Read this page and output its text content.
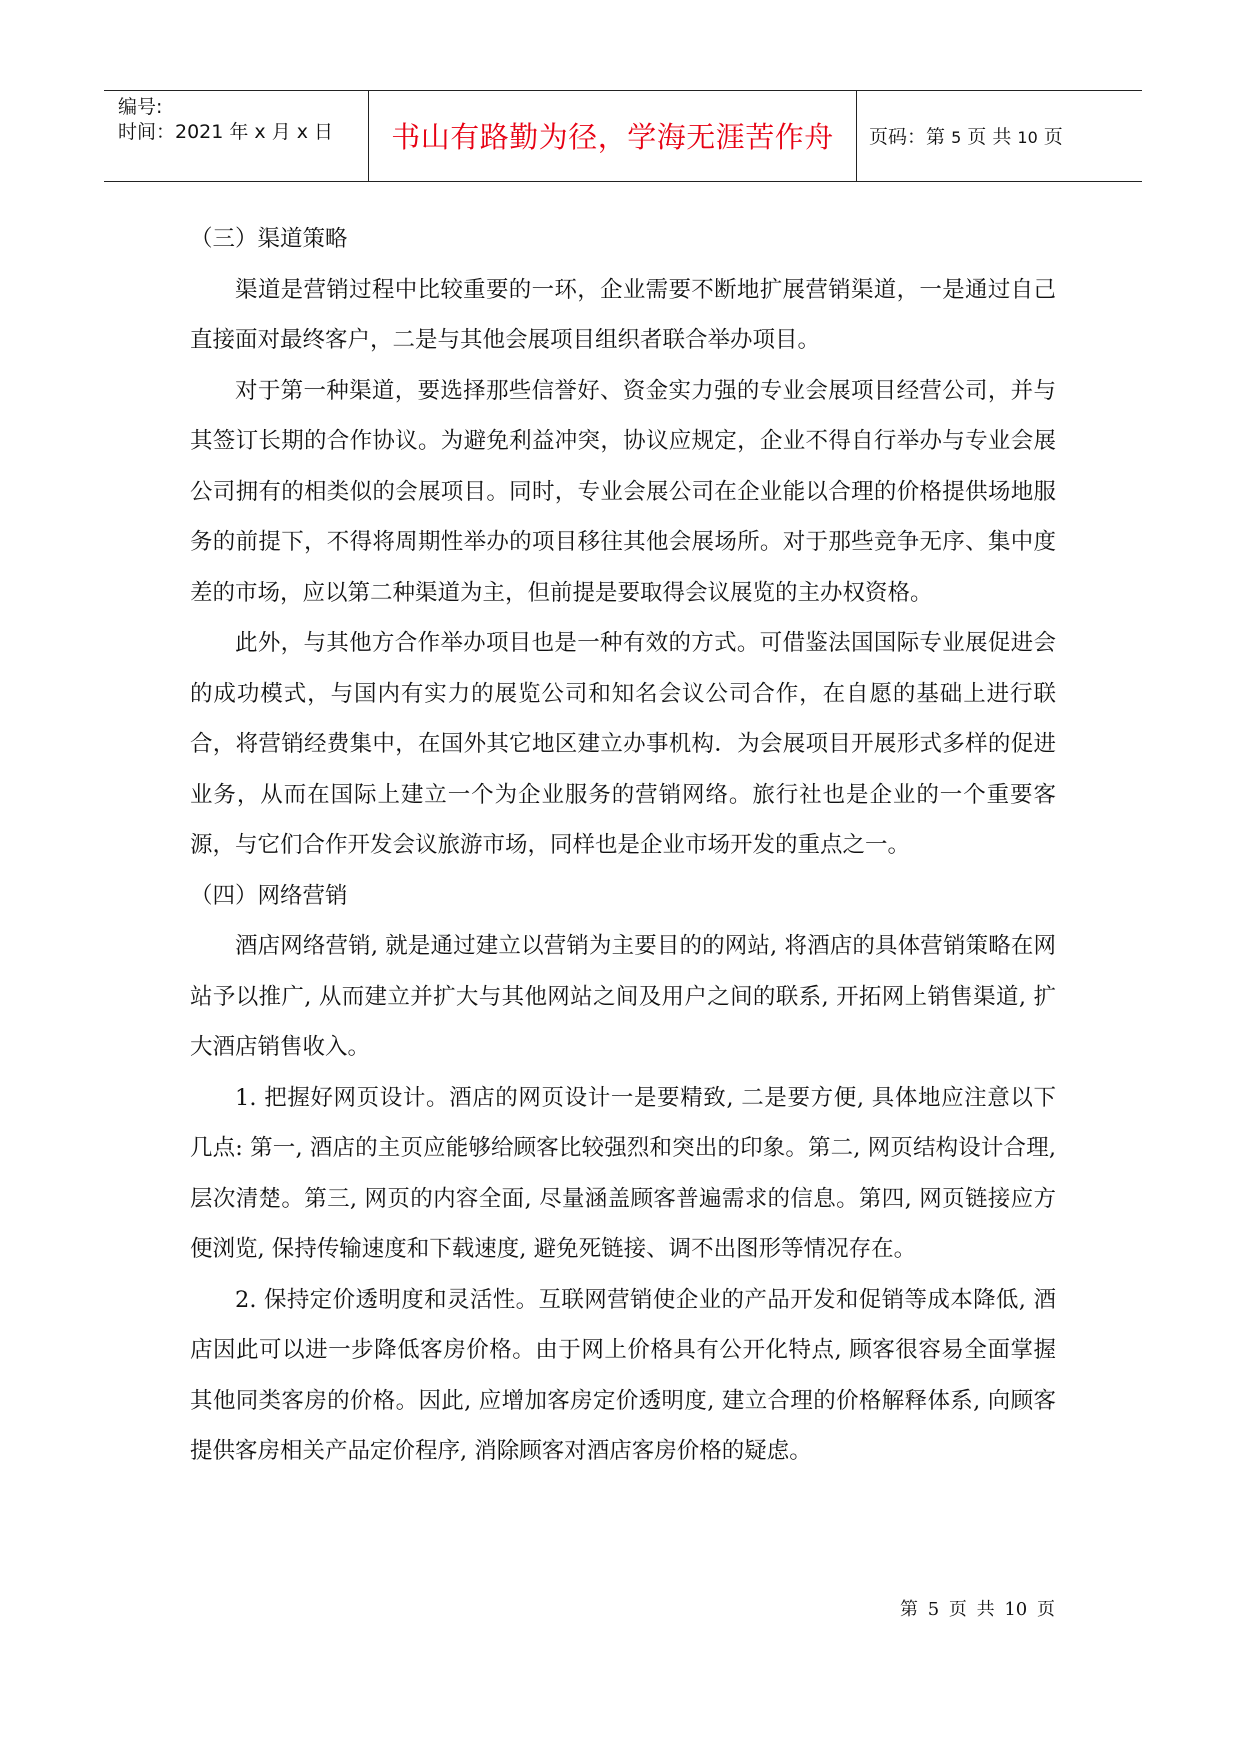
编号:
时间：2021 年 x 月 x 日	书山有路勤为径，学海无涯苦作舟	页码：第 5 页 共 10 页

（三）渠道策略

渠道是营销过程中比较重要的一环，企业需要不断地扩展营销渠道，一是通过自己直接面对最终客户，二是与其他会展项目组织者联合举办项目。

对于第一种渠道，要选择那些信誉好、资金实力强的专业会展项目经营公司，并与其签订长期的合作协议。为避免利益冲突，协议应规定，企业不得自行举办与专业会展公司拥有的相类似的会展项目。同时，专业会展公司在企业能以合理的价格提供场地服务的前提下，不得将周期性举办的项目移往其他会展场所。对于那些竞争无序、集中度差的市场，应以第二种渠道为主，但前提是要取得会议展览的主办权资格。

此外，与其他方合作举办项目也是一种有效的方式。可借鉴法国国际专业展促进会的成功模式，与国内有实力的展览公司和知名会议公司合作，在自愿的基础上进行联合，将营销经费集中，在国外其它地区建立办事机构．为会展项目开展形式多样的促进业务，从而在国际上建立一个为企业服务的营销网络。旅行社也是企业的一个重要客源，与它们合作开发会议旅游市场，同样也是企业市场开发的重点之一。

（四）网络营销

酒店网络营销, 就是通过建立以营销为主要目的的网站, 将酒店的具体营销策略在网站予以推广, 从而建立并扩大与其他网站之间及用户之间的联系, 开拓网上销售渠道, 扩大酒店销售收入。

1. 把握好网页设计。酒店的网页设计一是要精致, 二是要方便, 具体地应注意以下几点: 第一, 酒店的主页应能够给顾客比较强烈和突出的印象。第二, 网页结构设计合理, 层次清楚。第三, 网页的内容全面, 尽量涵盖顾客普遍需求的信息。第四, 网页链接应方便浏览, 保持传输速度和下载速度, 避免死链接、调不出图形等情况存在。

2. 保持定价透明度和灵活性。互联网营销使企业的产品开发和促销等成本降低, 酒店因此可以进一步降低客房价格。由于网上价格具有公开化特点, 顾客很容易全面掌握其他同类客房的价格。因此, 应增加客房定价透明度, 建立合理的价格解释体系, 向顾客提供客房相关产品定价程序, 消除顾客对酒店客房价格的疑虑。

第 5 页 共 10 页
